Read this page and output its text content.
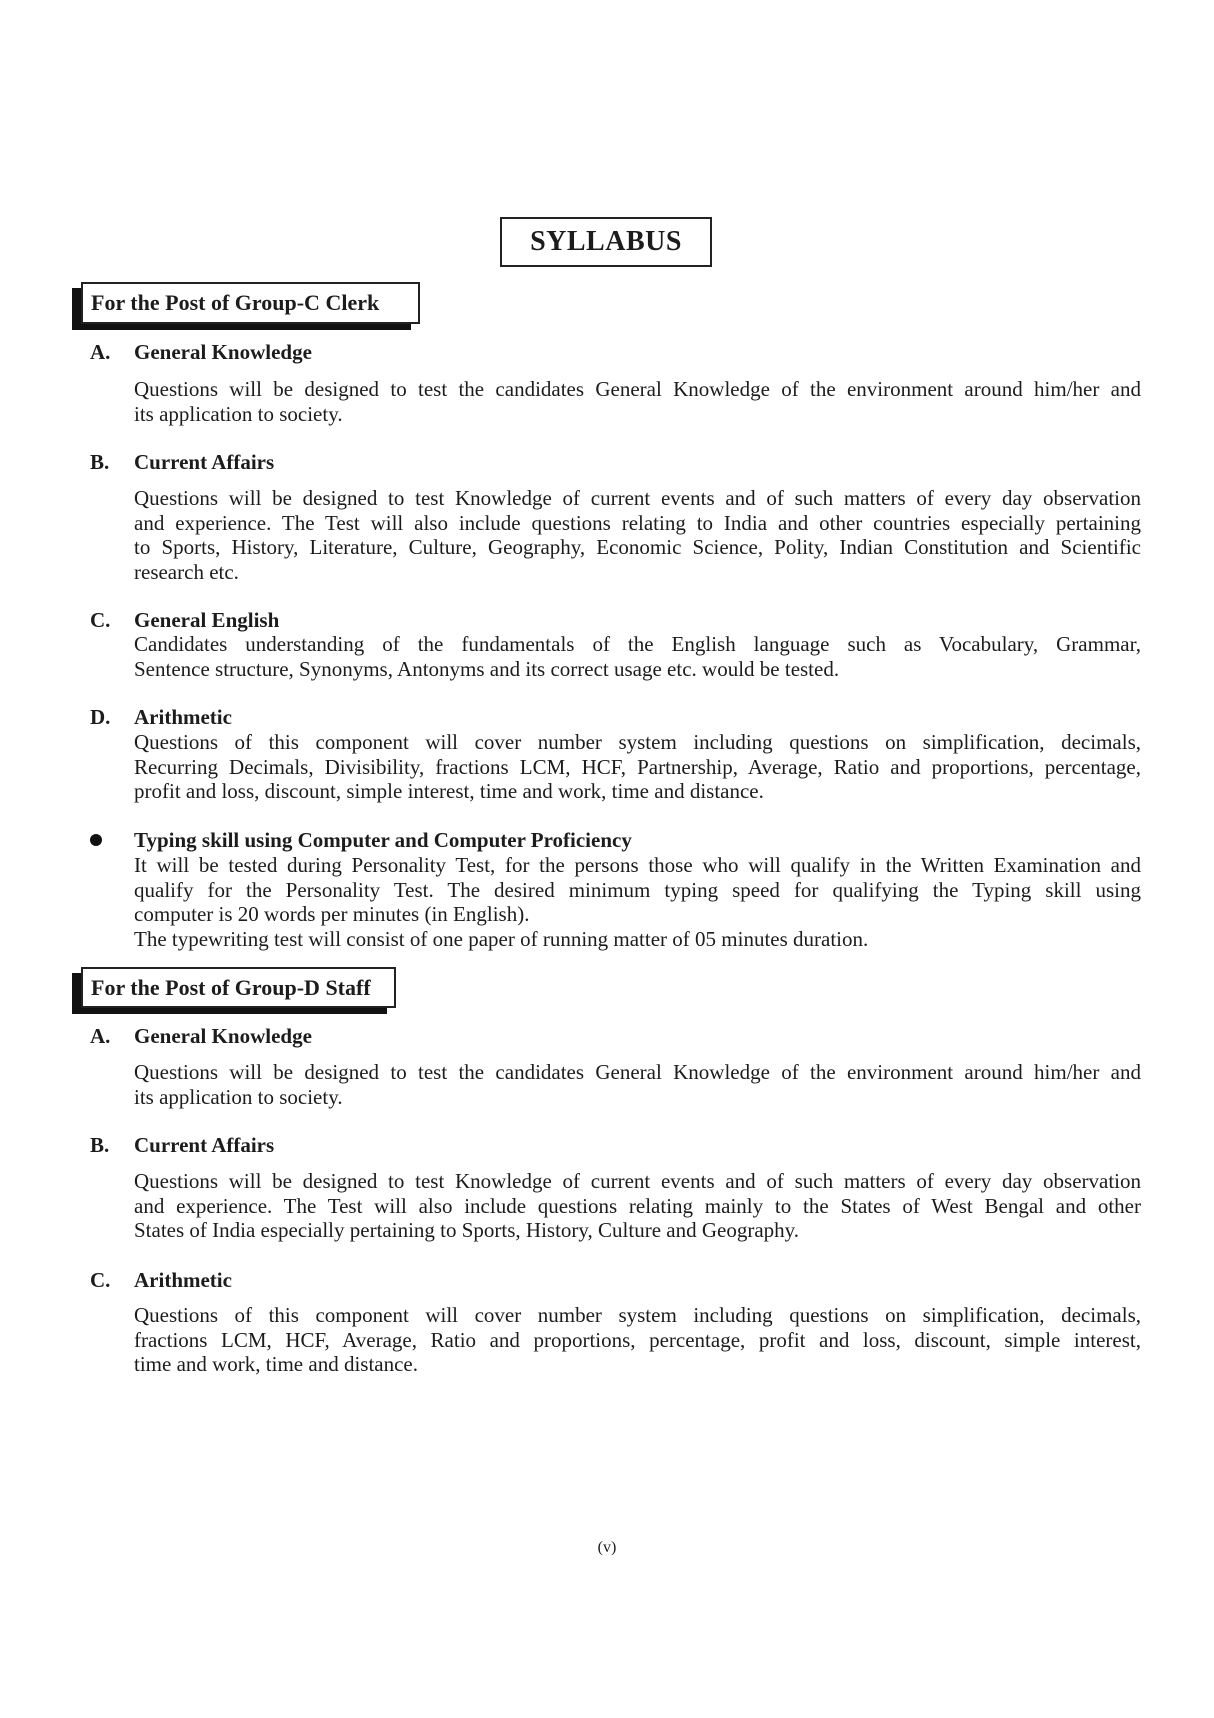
SYLLABUS
For the Post of Group-C Clerk
A. General Knowledge
Questions will be designed to test the candidates General Knowledge of the environment around him/her and
its application to society.
B. Current Affairs
Questions will be designed to test Knowledge of current events and of such matters of every day observation
and experience. The Test will also include questions relating to India and other countries especially pertaining
to Sports, History, Literature, Culture, Geography, Economic Science, Polity, Indian Constitution and Scientific
research etc.
C. General English
Candidates understanding of the fundamentals of the English language such as Vocabulary, Grammar,
Sentence structure, Synonyms, Antonyms and its correct usage etc. would be tested.
D. Arithmetic
Questions of this component will cover number system including questions on simplification, decimals,
Recurring Decimals, Divisibility, fractions LCM, HCF, Partnership, Average, Ratio and proportions, percentage,
profit and loss, discount, simple interest, time and work, time and distance.
Typing skill using Computer and Computer Proficiency
It will be tested during Personality Test, for the persons those who will qualify in the Written Examination and
qualify for the Personality Test. The desired minimum typing speed for qualifying the Typing skill using
computer is 20 words per minutes (in English).
The typewriting test will consist of one paper of running matter of 05 minutes duration.
For the Post of Group-D Staff
A. General Knowledge
Questions will be designed to test the candidates General Knowledge of the environment around him/her and
its application to society.
B. Current Affairs
Questions will be designed to test Knowledge of current events and of such matters of every day observation
and experience. The Test will also include questions relating mainly to the States of West Bengal and other
States of India especially pertaining to Sports, History, Culture and Geography.
C. Arithmetic
Questions of this component will cover number system including questions on simplification, decimals,
fractions LCM, HCF, Average, Ratio and proportions, percentage, profit and loss, discount, simple interest,
time and work, time and distance.
(v)
